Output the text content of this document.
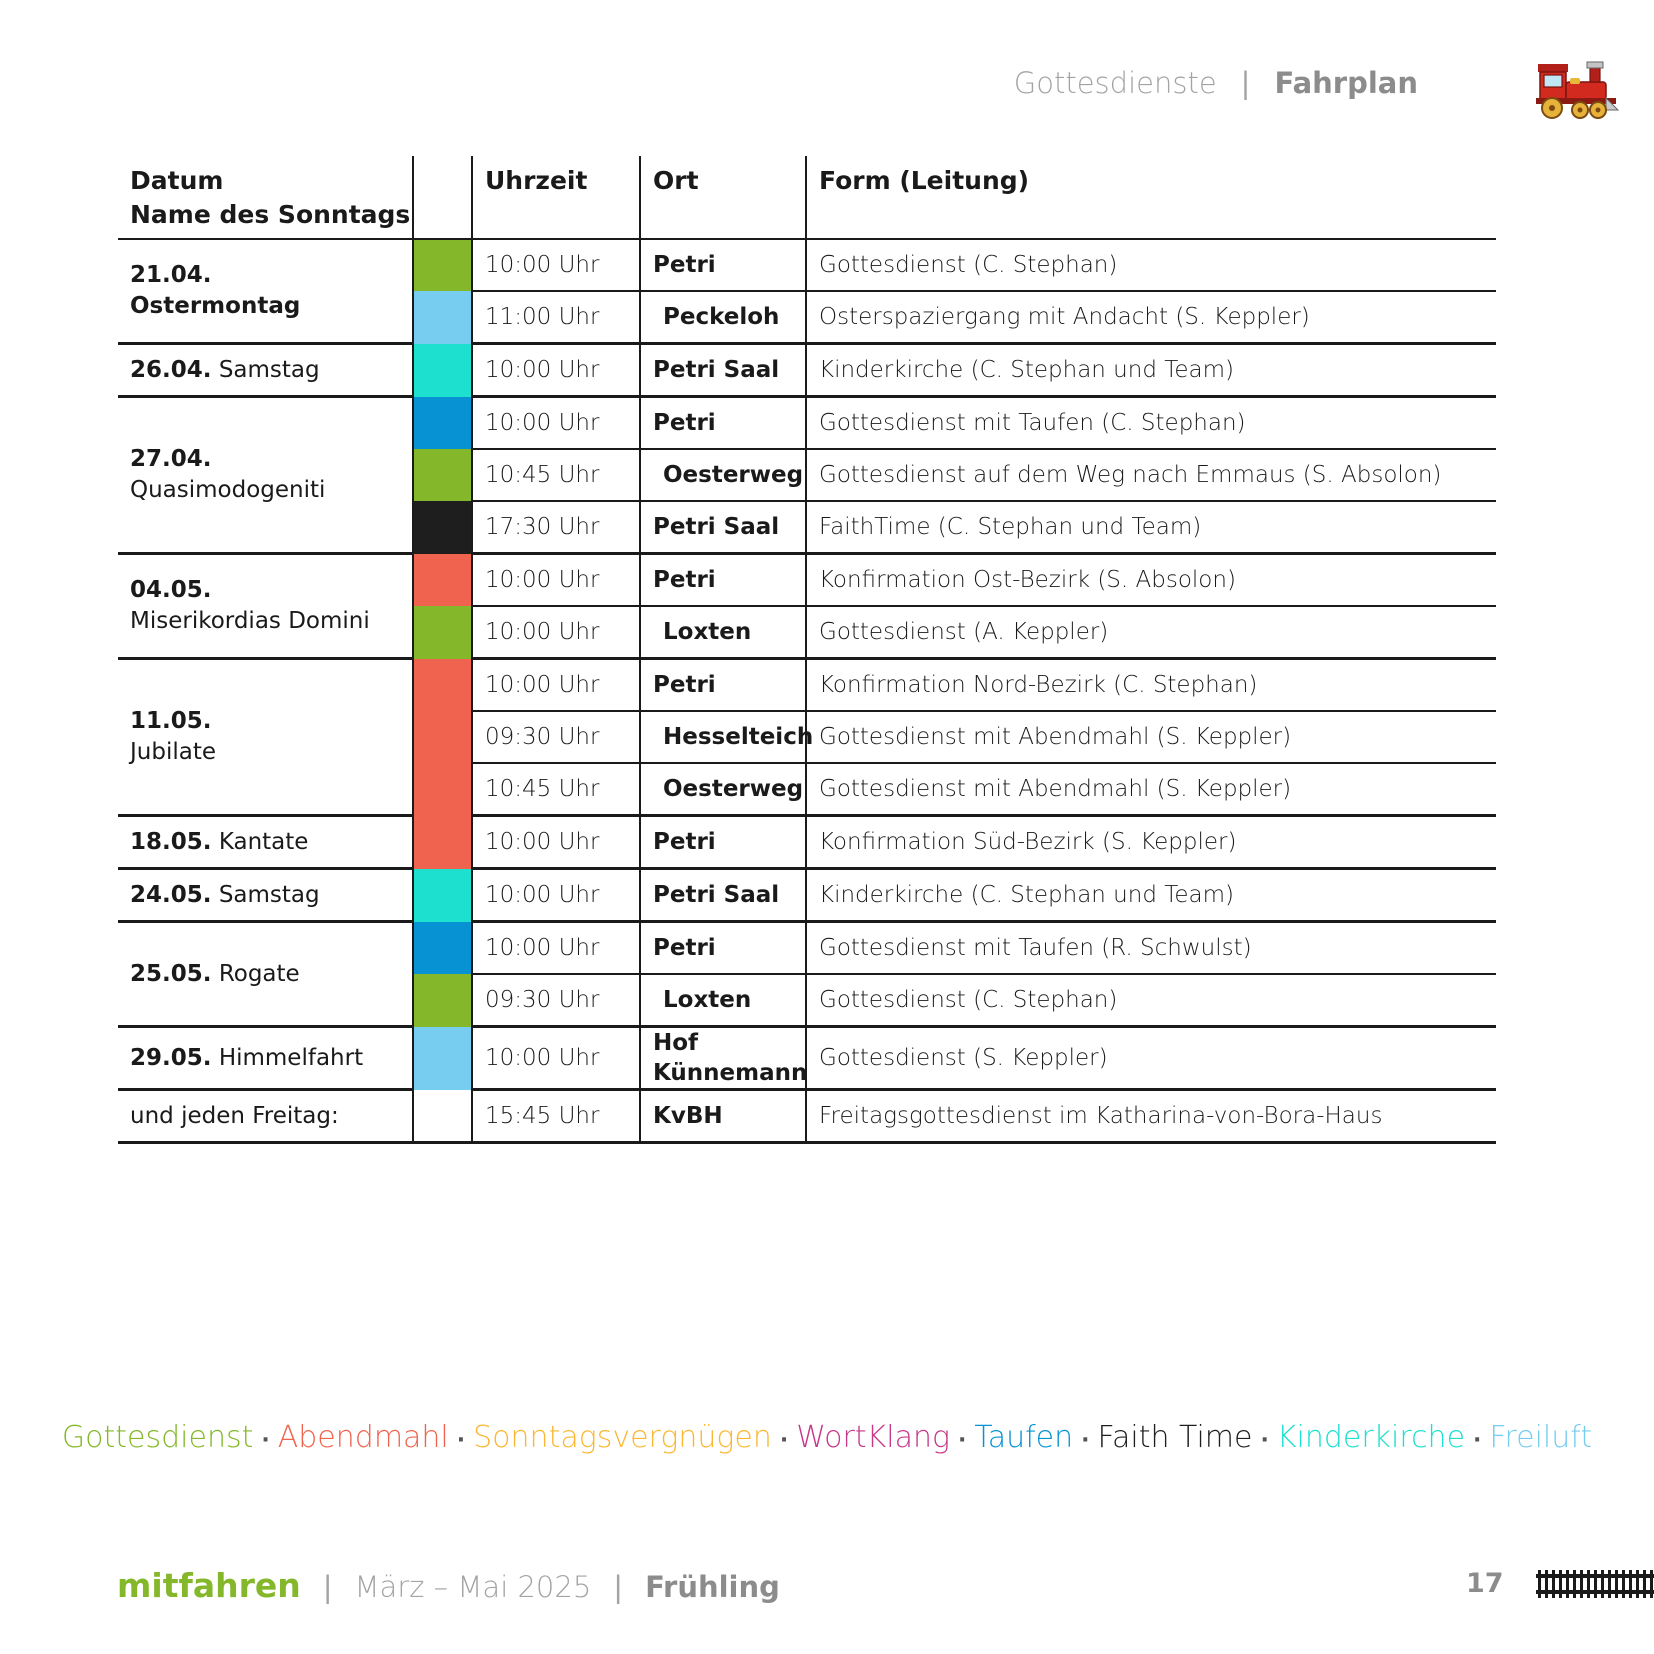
Gottesdienste | Fahrplan
Datum
Name des Sonntags		Uhrzeit	Ort	Form (Leitung)
21.04.
Ostermontag		10:00 Uhr	Petri	Gottesdienst (C. Stephan)
		11:00 Uhr	Peckeloh	Osterspaziergang mit Andacht (S. Keppler)
26.04. Samstag		10:00 Uhr	Petri Saal	Kinderkirche (C. Stephan und Team)
27.04.
Quasimodogeniti		10:00 Uhr	Petri	Gottesdienst mit Taufen (C. Stephan)
		10:45 Uhr	Oesterweg	Gottesdienst auf dem Weg nach Emmaus (S. Absolon)
		17:30 Uhr	Petri Saal	FaithTime (C. Stephan und Team)
04.05.
Miserikordias Domini		10:00 Uhr	Petri	Konfirmation Ost-Bezirk (S. Absolon)
		10:00 Uhr	Loxten	Gottesdienst (A. Keppler)
11.05.
Jubilate		10:00 Uhr	Petri	Konfirmation Nord-Bezirk (C. Stephan)
		09:30 Uhr	Hesselteich	Gottesdienst mit Abendmahl (S. Keppler)
		10:45 Uhr	Oesterweg	Gottesdienst mit Abendmahl (S. Keppler)
18.05. Kantate		10:00 Uhr	Petri	Konfirmation Süd-Bezirk (S. Keppler)
24.05. Samstag		10:00 Uhr	Petri Saal	Kinderkirche (C. Stephan und Team)
25.05. Rogate		10:00 Uhr	Petri	Gottesdienst mit Taufen (R. Schwulst)
		09:30 Uhr	Loxten	Gottesdienst (C. Stephan)
29.05. Himmelfahrt		10:00 Uhr	Hof Künnemann	Gottesdienst (S. Keppler)
und jeden Freitag:		15:45 Uhr	KvBH	Freitagsgottesdienst im Katharina-von-Bora-Haus
Gottesdienst · Abendmahl · Sonntagsvergnügen · WortKlang · Taufen · Faith Time · Kinderkirche · Freiluft
mitfahren | März – Mai 2025 | Frühling	17
